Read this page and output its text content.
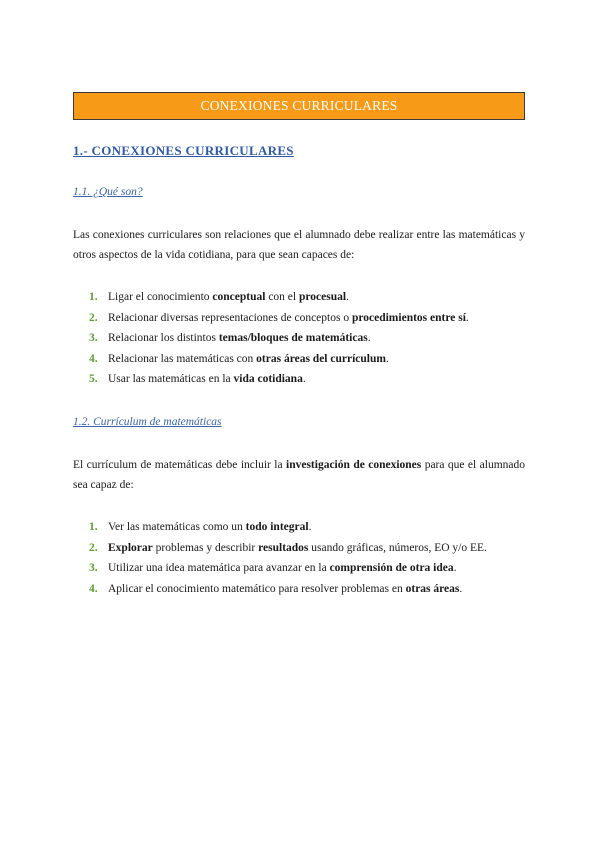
CONEXIONES CURRICULARES
1.- CONEXIONES CURRICULARES
1.1. ¿Qué son?
Las conexiones curriculares son relaciones que el alumnado debe realizar entre las matemáticas y otros aspectos de la vida cotidiana, para que sean capaces de:
1. Ligar el conocimiento conceptual con el procesual.
2. Relacionar diversas representaciones de conceptos o procedimientos entre sí.
3. Relacionar los distintos temas/bloques de matemáticas.
4. Relacionar las matemáticas con otras áreas del currículum.
5. Usar las matemáticas en la vida cotidiana.
1.2. Currículum de matemáticas
El currículum de matemáticas debe incluir la investigación de conexiones para que el alumnado sea capaz de:
1. Ver las matemáticas como un todo integral.
2. Explorar problemas y describir resultados usando gráficas, números, EO y/o EE.
3. Utilizar una idea matemática para avanzar en la comprensión de otra idea.
4. Aplicar el conocimiento matemático para resolver problemas en otras áreas.
